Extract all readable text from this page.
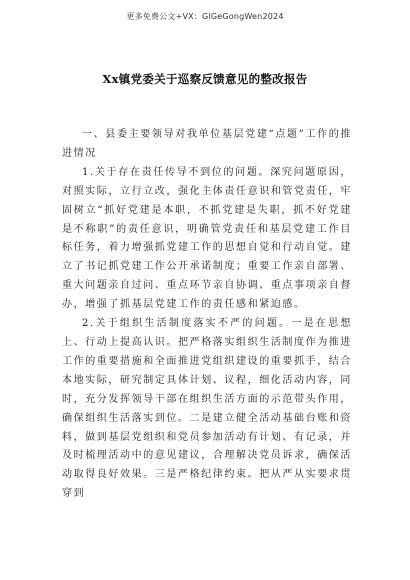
更多免费公文+VX：GlGeGongWen2024
Xx镇党委关于巡察反馈意见的整改报告

一、县委主要领导对我单位基层党建“点题”工作的推进情况

1.关于存在责任传导不到位的问题。深究问题原因，对照实际，立行立改，强化主体责任意识和管党责任，牢固树立“抓好党建是本职，不抓党建是失职，抓不好党建是不称职”的责任意识，明确管党责任和基层党建工作目标任务，着力增强抓党建工作的思想自觉和行动自觉。建立了书记抓党建工作公开承诺制度；重要工作亲自部署、重大问题亲自过问、重点环节亲自协调、重点事项亲自督办，增强了抓基层党建工作的责任感和紧迫感。

2.关于组织生活制度落实不严的问题。一是在思想上、行动上提高认识。把严格落实组织生活制度作为推进工作的重要措施和全面推进党组织建设的重要抓手，结合本地实际，研究制定具体计划、议程，细化活动内容，同时，充分发挥领导干部在组织生活方面的示范带头作用，确保组织生活落实到位。二是建立健全活动基础台账和资料，做到基层党组织和党员参加活动有计划、有记录，并及时梳理活动中的意见建议，合理解决党员诉求，确保活动取得良好效果。三是严格纪律约束。把从严从实要求贯穿到
